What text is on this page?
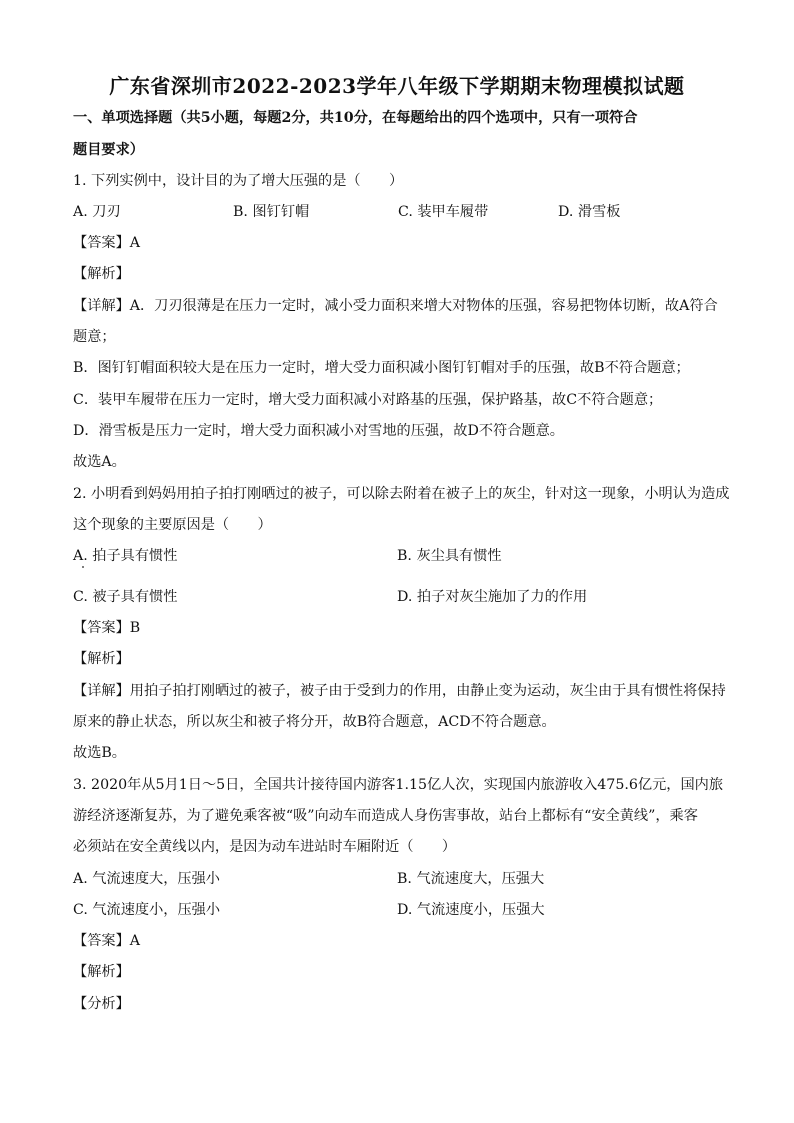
广东省深圳市2022-2023学年八年级下学期期末物理模拟试题
一、单项选择题（共5小题，每题2分，共10分，在每题给出的四个选项中，只有一项符合
题目要求）
1. 下列实例中，设计目的为了增大压强的是（　　）
A. 刀刃	B. 图钉钉帽	C. 装甲车履带	D. 滑雪板
【答案】A
【解析】
【详解】A．刀刃很薄是在压力一定时，减小受力面积来增大对物体的压强，容易把物体切断，故A符合
题意；
B．图钉钉帽面积较大是在压力一定时，增大受力面积减小图钉钉帽对手的压强，故B不符合题意；
C．装甲车履带在压力一定时，增大受力面积减小对路基的压强，保护路基，故C不符合题意；
D．滑雪板是压力一定时，增大受力面积减小对雪地的压强，故D不符合题意。
故选A。
2. 小明看到妈妈用拍子拍打刚晒过的被子，可以除去附着在被子上的灰尘，针对这一现象，小明认为造成
这个现象的主要原因是（　　）
A. 拍子具有惯性	B. 灰尘具有惯性
C. 被子具有惯性	D. 拍子对灰尘施加了力的作用
【答案】B
【解析】
【详解】用拍子拍打刚晒过的被子，被子由于受到力的作用，由静止变为运动，灰尘由于具有惯性将保持
原来的静止状态，所以灰尘和被子将分开，故B符合题意，ACD不符合题意。
故选B。
3. 2020年从5月1日～5日，全国共计接待国内游客1.15亿人次，实现国内旅游收入475.6亿元，国内旅
游经济逐渐复苏，为了避免乘客被“吸”向动车而造成人身伤害事故，站台上都标有“安全黄线”，乘客
必须站在安全黄线以内，是因为动车进站时车厢附近（　　）
A. 气流速度大，压强小	B. 气流速度大，压强大
C. 气流速度小，压强小	D. 气流速度小，压强大
【答案】A
【解析】
【分析】
